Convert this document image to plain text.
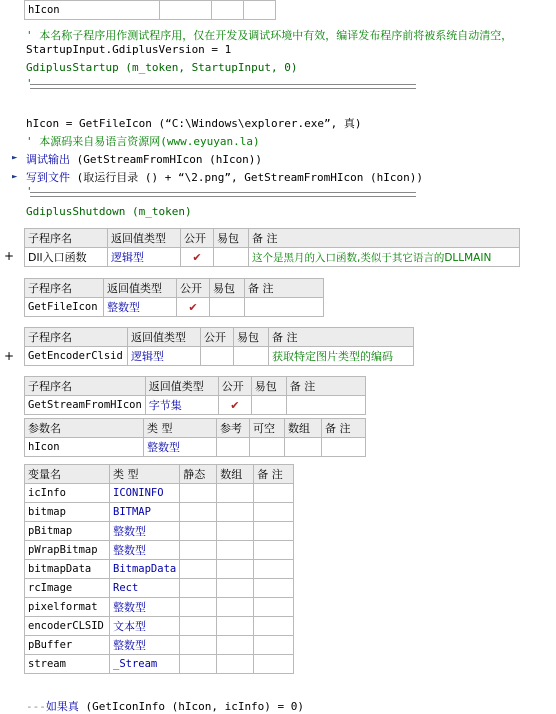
hIcon			
' 本名称子程序用作测试程序用，仅在开发及调试环境中有效，编译发布程序前将被系统自动清空，
StartupInput.GdiplusVersion = 1
GdiplusStartup (m_token, StartupInput, 0)
'
hIcon = GetFileIcon (“C:\Windows\explorer.exe”, 真)
' 本源码来自易语言资源网(www.eyuyan.la)
► 调试输出 (GetStreamFromHIcon (hIcon))
► 写到文件 (取运行目录 () + “\2.png”, GetStreamFromHIcon (hIcon))
'
GdiplusShutdown (m_token)
+
子程序名	返回值类型	公开	易包	备 注
Dll入口函数	逻辑型	✔		这个是黑月的入口函数,类似于其它语言的DLLMAIN
子程序名	返回值类型	公开	易包	备 注
GetFileIcon	整数型	✔		
+
子程序名	返回值类型	公开	易包	备 注
GetEncoderClsid	逻辑型			获取特定图片类型的编码
子程序名	返回值类型	公开	易包	备 注
GetStreamFromHIcon	字节集	✔		
参数名	类 型	参考	可空	数组	备 注
hIcon	整数型				
变量名	类 型	静态	数组	备 注
icInfo	ICONINFO			
bitmap	BITMAP			
pBitmap	整数型			
pWrapBitmap	整数型			
bitmapData	BitmapData			
rcImage	Rect			
pixelformat	整数型			
encoderCLSID	文本型			
pBuffer	整数型			
stream	_Stream			
---如果真 (GetIconInfo (hIcon, icInfo) = 0)
